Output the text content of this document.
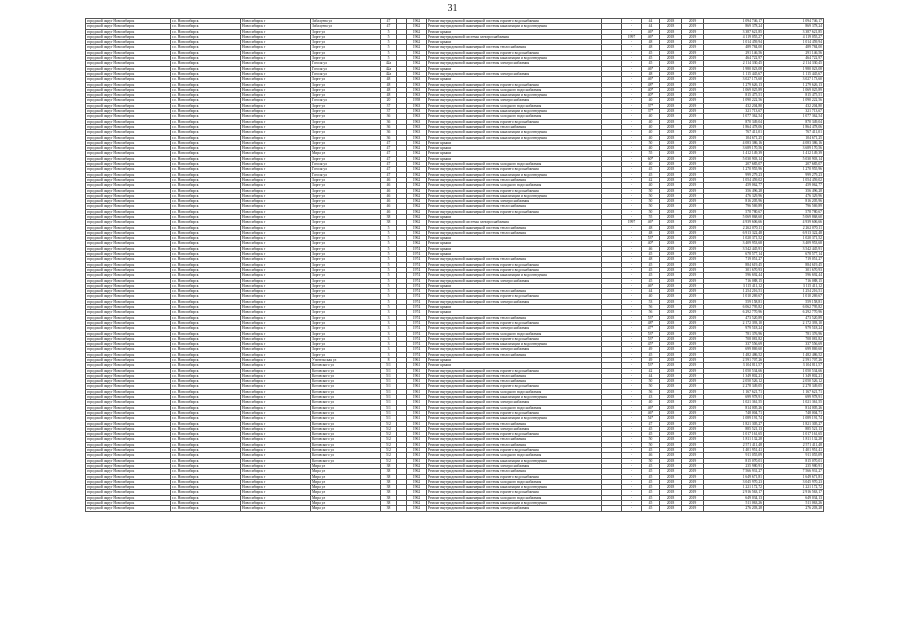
31
городской округ Новосибирск	г.о. Новосибирск	Новосибирск г	Забалуева ул	47		1962	Ремонт внутридомовой инженерной системы горячего водоснабжения		-	44	2018	2019	1 094 746,17	1 094 746,17
городской округ Новосибирск	г.о. Новосибирск	Новосибирск г	Забалуева ул	47		1962	Ремонт внутридомовой инженерной системы канализации и водоотведения		-	44	2018	2019	869 378,24	869 378,24
городской округ Новосибирск	г.о. Новосибирск	Новосибирск г	Зорге ул	5		1962	Ремонт крыши		-	46*	2018	2019	3 387 621,85	3 387 621,85
городской округ Новосибирск	г.о. Новосибирск	Новосибирск г	Зорге ул	5		1962	Ремонт внутридомовой системы электроснабжения		1997	46*	2018	2019	4 119 055,27	4 119 055,27
городской округ Новосибирск	г.о. Новосибирск	Новосибирск г	Зорге ул	5		1962	Ремонт крыши		-	48	2018	2019	1 014 459,94	1 014 459,94
городской округ Новосибирск	г.о. Новосибирск	Новосибирск г	Зорге ул	5		1962	Ремонт внутридомовой инженерной системы теплоснабжения		-	48	2018	2019	489 784,00	489 784,00
городской округ Новосибирск	г.о. Новосибирск	Новосибирск г	Зорге ул	5		1962	Ремонт внутридомовой инженерной системы горячего водоснабжения		-	45	2018	2019	291 146,56	291 146,56
городской округ Новосибирск	г.о. Новосибирск	Новосибирск г	Зорге ул	5		1962	Ремонт внутридомовой инженерной системы канализации и водоотведения		-	45	2018	2019	464 722,97	464 722,97
городской округ Новосибирск	г.о. Новосибирск	Новосибирск г	Гоголя ул	42а		1962	Ремонт внутридомовой инженерной системы электроснабжения		-	45	2018	2019	2 114 330,45	2 114 330,45
городской округ Новосибирск	г.о. Новосибирск	Новосибирск г	Гоголя ул	42а		1962	Ремонт крыши		-	46*	2018	2019	1 980 023,08	1 980 023,08
городской округ Новосибирск	г.о. Новосибирск	Новосибирск г	Гоголя ул	42а		1962	Ремонт внутридомовой инженерной системы электроснабжения		-	48	2018	2019	1 115 445,67	1 115 445,67
городской округ Новосибирск	г.о. Новосибирск	Новосибирск г	Зорге ул	48		1963	Ремонт крыши		-	46*	2018	2019	3 027 173,60	3 027 173,60
городской округ Новосибирск	г.о. Новосибирск	Новосибирск г	Зорге ул	48		1963	Ремонт внутридомовой инженерной системы горячего водоснабжения		-	48*	2018	2019	1 279 626,13	1 279 626,13
городской округ Новосибирск	г.о. Новосибирск	Новосибирск г	Зорге ул	48		1963	Ремонт внутридомовой инженерной системы холодного водоснабжения		-	40*	2018	2019	1 069 025,89	1 069 025,89
городской округ Новосибирск	г.о. Новосибирск	Новосибирск г	Зорге ул	48		1963	Ремонт внутридомовой инженерной системы канализации и водоотведения		-	40*	2018	2019	815 475,51	815 475,51
городской округ Новосибирск	г.о. Новосибирск	Новосибирск г	Гоголя ул	20		1958	Ремонт внутридомовой инженерной системы электроснабжения		-	40	2018	2019	1 090 222,56	1 090 222,56
городской округ Новосибирск	г.о. Новосибирск	Новосибирск г	Зорге ул	37		1963	Ремонт внутридомовой инженерной системы холодного водоснабжения		-	37*	2018	2019	432 204,80	432 204,80
городской округ Новосибирск	г.о. Новосибирск	Новосибирск г	Зорге ул	37		1963	Ремонт внутридомовой инженерной системы канализации и водоотведения		-	37*	2018	2019	321 713,67	321 713,67
городской округ Новосибирск	г.о. Новосибирск	Новосибирск г	Зорге ул	36		1963	Ремонт внутридомовой инженерной системы холодного водоснабжения		-	40	2018	2019	1 077 362,54	1 077 362,54
городской округ Новосибирск	г.о. Новосибирск	Новосибирск г	Зорге ул	36		1963	Ремонт внутридомовой инженерной системы горячего водоснабжения		-	40	2018	2019	870 349,04	870 349,04
городской округ Новосибирск	г.о. Новосибирск	Новосибирск г	Зорге ул	36		1963	Ремонт внутридомовой инженерной системы теплоснабжения		-	40	2018	2019	1 864 478,06	1 864 478,06
городской округ Новосибирск	г.о. Новосибирск	Новосибирск г	Зорге ул	36		1963	Ремонт внутридомовой инженерной системы канализации и водоотведения		-	40	2018	2019	767 411,01	767 411,01
городской округ Новосибирск	г.о. Новосибирск	Новосибирск г	Зорге ул	36		1963	Ремонт внутридомовой инженерной системы канализации и водоотведения		-	40	2018	2019	104 671,25	104 671,25
городской округ Новосибирск	г.о. Новосибирск	Новосибирск г	Зорге ул	47		1962	Ремонт крыши		-	50	2018	2019	4 083 386,16	4 083 386,16
городской округ Новосибирск	г.о. Новосибирск	Новосибирск г	Зорге ул	47		1962	Ремонт крыши		-	40	2018	2019	3 689 170,56	3 689 170,56
городской округ Новосибирск	г.о. Новосибирск	Новосибирск г	Мира ул	47		1962	Ремонт крыши		-	55	2018	2019	1 412 149,39	1 412 149,39
городской округ Новосибирск	г.о. Новосибирск	Новосибирск г	Зорге ул	47		1962	Ремонт крыши		-	60*	2018	2019	5 030 903,14	5 030 903,14
городской округ Новосибирск	г.о. Новосибирск	Новосибирск г	Гоголя ул	47		1962	Ремонт внутридомовой инженерной системы холодного водоснабжения		-	40	2018	2019	207 685,07	207 685,07
городской округ Новосибирск	г.о. Новосибирск	Новосибирск г	Гоголя ул	47		1962	Ремонт внутридомовой инженерной системы горячего водоснабжения		-	45	2018	2019	1 270 955,96	1 270 955,96
городской округ Новосибирск	г.о. Новосибирск	Новосибирск г	Гоголя ул	47		1962	Ремонт внутридомовой инженерной системы канализации и водоотведения		-	45	2018	2019	999 279,23	999 279,23
городской округ Новосибирск	г.о. Новосибирск	Новосибирск г	Зорге ул	46		1962	Ремонт внутридомовой инженерной системы теплоснабжения		-	42	2018	2019	1 054 459,02	1 054 459,02
городской округ Новосибирск	г.о. Новосибирск	Новосибирск г	Зорге ул	46		1962	Ремонт внутридомовой инженерной системы холодного водоснабжения		-	40	2018	2019	459 062,77	459 062,77
городской округ Новосибирск	г.о. Новосибирск	Новосибирск г	Зорге ул	46		1962	Ремонт внутридомовой инженерной системы горячего водоснабжения		-	50	2018	2019	356 496,28	356 496,28
городской округ Новосибирск	г.о. Новосибирск	Новосибирск г	Зорге ул	46		1962	Ремонт внутридомовой инженерной системы канализации и водоотведения		-	50	2018	2019	476 329,96	476 329,96
городской округ Новосибирск	г.о. Новосибирск	Новосибирск г	Зорге ул	46		1962	Ремонт внутридомовой инженерной системы электроснабжения		-	50	2018	2019	816 205,96	816 205,96
городской округ Новосибирск	г.о. Новосибирск	Новосибирск г	Зорге ул	46		1962	Ремонт внутридомовой инженерной системы теплоснабжения		-	50	2018	2019	796 569,89	796 569,89
городской округ Новосибирск	г.о. Новосибирск	Новосибирск г	Зорге ул	46		1962	Ремонт внутридомовой инженерной системы горячего водоснабжения		-	50	2018	2019	578 780,67	578 780,67
городской округ Новосибирск	г.о. Новосибирск	Новосибирск г	Зорге ул	38		1962	Ремонт крыши		-	55	2018	2019	5 069 868,60	5 069 868,60
городской округ Новосибирск	г.о. Новосибирск	Новосибирск г	Зорге ул	38		1962	Ремонт внутридомовой системы электроснабжения		1997	46*	2018	2019	4 939 606,66	4 939 606,66
городской округ Новосибирск	г.о. Новосибирск	Новосибирск г	Зорге ул	5		1962	Ремонт внутридомовой инженерной системы теплоснабжения		-	48	2018	2019	2 262 070,11	2 262 070,11
городской округ Новосибирск	г.о. Новосибирск	Новосибирск г	Зорге ул	5		1962	Ремонт внутридомовой инженерной системы теплоснабжения		-	48	2018	2019	6 913 322,48	6 913 322,48
городской округ Новосибирск	г.о. Новосибирск	Новосибирск г	Зорге ул	5		1962	Ремонт крыши		-	53*	2018	2019	1 020 371,52	1 020 371,52
городской округ Новосибирск	г.о. Новосибирск	Новосибирск г	Зорге ул	5		1962	Ремонт крыши		-	40*	2018	2019	3 409 953,68	3 409 953,68
городской округ Новосибирск	г.о. Новосибирск	Новосибирск г	Зорге ул	5		1974	Ремонт крыши		-	46	2018	2019	3 542 445,91	3 542 445,91
городской округ Новосибирск	г.о. Новосибирск	Новосибирск г	Зорге ул	5		1974	Ремонт крыши		-	45	2018	2019	678 577,14	678 577,14
городской округ Новосибирск	г.о. Новосибирск	Новосибирск г	Зорге ул	5		1974	Ремонт внутридомовой инженерной системы теплоснабжения		-	48	2018	2019	719 051,27	719 051,27
городской округ Новосибирск	г.о. Новосибирск	Новосибирск г	Зорге ул	5		1974	Ремонт внутридомовой инженерной системы горячего водоснабжения		-	45	2018	2019	884 619,45	884 619,45
городской округ Новосибирск	г.о. Новосибирск	Новосибирск г	Зорге ул	5		1974	Ремонт внутридомовой инженерной системы горячего водоснабжения		-	45	2018	2019	301 670,93	301 670,93
городской округ Новосибирск	г.о. Новосибирск	Новосибирск г	Зорге ул	5		1974	Ремонт внутридомовой инженерной системы канализации и водоотведения		-	45	2018	2019	596 692,44	596 692,44
городской округ Новосибирск	г.о. Новосибирск	Новосибирск г	Зорге ул	5		1974	Ремонт внутридомовой инженерной системы электроснабжения		-	45	2018	2019	716 088,15	716 088,15
городской округ Новосибирск	г.о. Новосибирск	Новосибирск г	Зорге ул	5		1974	Ремонт крыши		-	46*	2018	2019	3 115 411,12	3 115 411,12
городской округ Новосибирск	г.о. Новосибирск	Новосибирск г	Зорге ул	5		1974	Ремонт внутридомовой инженерной системы теплоснабжения		-	44	2018	2019	1 254 216,51	1 254 216,51
городской округ Новосибирск	г.о. Новосибирск	Новосибирск г	Зорге ул	5		1974	Ремонт внутридомовой инженерной системы горячего водоснабжения		-	40	2018	2019	1 010 269,67	1 010 269,67
городской округ Новосибирск	г.о. Новосибирск	Новосибирск г	Зорге ул	5		1974	Ремонт внутридомовой инженерной системы электроснабжения		-	53	2018	2019	559 158,81	559 158,81
городской округ Новосибирск	г.о. Новосибирск	Новосибирск г	Зорге ул	5		1974	Ремонт крыши		-	56	2018	2019	6 062 795,82	6 062 795,82
городской округ Новосибирск	г.о. Новосибирск	Новосибирск г	Зорге ул	3		1974	Ремонт крыши		-	56	2018	2019	6 292 770,96	6 292 770,96
городской округ Новосибирск	г.о. Новосибирск	Новосибирск г	Зорге ул	3		1974	Ремонт внутридомовой инженерной системы теплоснабжения		-	53*	2018	2019	473 520,89	473 520,89
городской округ Новосибирск	г.о. Новосибирск	Новосибирск г	Зорге ул	3		1974	Ремонт внутридомовой инженерной системы горячего водоснабжения		-	48*	2018	2019	2 172 393,10	2 172 393,10
городской округ Новосибирск	г.о. Новосибирск	Новосибирск г	Зорге ул	3		1974	Ремонт внутридомовой инженерной системы электроснабжения		-	47*	2018	2019	979 518,24	979 518,24
городской округ Новосибирск	г.о. Новосибирск	Новосибирск г	Зорге ул	3		1974	Ремонт внутридомовой инженерной системы холодного водоснабжения		-	53*	2018	2019	781 376,96	781 376,96
городской округ Новосибирск	г.о. Новосибирск	Новосибирск г	Зорге ул	3		1974	Ремонт внутридомовой инженерной системы горячего водоснабжения		-	53*	2018	2019	708 081,82	708 081,82
городской округ Новосибирск	г.о. Новосибирск	Новосибирск г	Зорге ул	3		1974	Ремонт внутридомовой инженерной системы канализации и водоотведения		-	45*	2018	2019	337 556,69	337 556,69
городской округ Новосибирск	г.о. Новосибирск	Новосибирск г	Зорге ул	3		1974	Ремонт внутридомовой инженерной системы электроснабжения		-	49	2018	2019	699 869,60	699 869,60
городской округ Новосибирск	г.о. Новосибирск	Новосибирск г	Зорге ул	3		1974	Ремонт внутридомовой инженерной системы теплоснабжения		-	45	2018	2019	1 482 486,52	1 482 486,52
городской округ Новосибирск	г.о. Новосибирск	Новосибирск г	Учительская ул	8		1961	Ремонт крыши		-	49	2018	2019	2 591 707,26	2 591 707,26
городской округ Новосибирск	г.о. Новосибирск	Новосибирск г	Котовского ул	5/1		1961	Ремонт крыши		-	53*	2018	2019	3 104 811,57	3 104 811,57
городской округ Новосибирск	г.о. Новосибирск	Новосибирск г	Котовского ул	5/1		1961	Ремонт внутридомовой инженерной системы горячего водоснабжения		-	42	2018	2019	1 050 534,66	1 050 534,66
городской округ Новосибирск	г.о. Новосибирск	Новосибирск г	Котовского ул	5/1		1961	Ремонт внутридомовой инженерной системы теплоснабжения		-	44	2018	2019	1 349 802,21	1 349 802,21
городской округ Новосибирск	г.о. Новосибирск	Новосибирск г	Котовского ул	5/1		1961	Ремонт внутридомовой инженерной системы теплоснабжения		-	50	2018	2019	2 050 526,12	2 050 526,12
городской округ Новосибирск	г.о. Новосибирск	Новосибирск г	Котовского ул	5/1		1961	Ремонт внутридомовой инженерной системы горячего водоснабжения		-	50	2018	2019	2 278 349,05	2 278 349,05
городской округ Новосибирск	г.о. Новосибирск	Новосибирск г	Котовского ул	5/1		1961	Ремонт внутридомовой инженерной системы холодного водоснабжения		-	56	2018	2019	1 167 621,71	1 167 621,71
городской округ Новосибирск	г.о. Новосибирск	Новосибирск г	Котовского ул	5/1		1961	Ремонт внутридомовой инженерной системы канализации и водоотведения		-	43	2018	2019	699 978,91	699 978,91
городской округ Новосибирск	г.о. Новосибирск	Новосибирск г	Котовского ул	5/1		1961	Ремонт внутридомовой инженерной системы электроснабжения		-	40	2018	2019	1 021 361,55	1 021 361,55
городской округ Новосибирск	г.о. Новосибирск	Новосибирск г	Котовского ул	5/1		1961	Ремонт внутридомовой инженерной системы холодного водоснабжения		-	46*	2018	2019	814 005,26	814 005,26
городской округ Новосибирск	г.о. Новосибирск	Новосибирск г	Котовского ул	5/1		1961	Ремонт внутридомовой инженерной системы горячего водоснабжения		-	46*	2018	2019	748 004,71	748 004,71
городской округ Новосибирск	г.о. Новосибирск	Новосибирск г	Котовского ул	5/1		1961	Ремонт внутридомовой инженерной системы канализации и водоотведения		-	54*	2018	2019	1 089 191,74	1 089 191,74
городской округ Новосибирск	г.о. Новосибирск	Новосибирск г	Котовского ул	5/2		1961	Ремонт внутридомовой инженерной системы теплоснабжения		-	47	2018	2019	1 821 305,27	1 821 305,27
городской округ Новосибирск	г.о. Новосибирск	Новосибирск г	Котовского ул	5/2		1961	Ремонт внутридомовой инженерной системы электроснабжения		-	45	2018	2019	885 521,13	885 521,13
городской округ Новосибирск	г.о. Новосибирск	Новосибирск г	Котовского ул	5/2		1961	Ремонт внутридомовой инженерной системы горячего водоснабжения		-	45	2018	2019	1 017 161,65	1 017 161,65
городской округ Новосибирск	г.о. Новосибирск	Новосибирск г	Котовского ул	5/2		1961	Ремонт внутридомовой инженерной системы теплоснабжения		-	50	2018	2019	1 811 132,28	1 811 132,28
городской округ Новосибирск	г.о. Новосибирск	Новосибирск г	Котовского ул	5/2		1961	Ремонт внутридомовой инженерной системы теплоснабжения		-	50	2018	2019	2 571 411,48	2 571 411,48
городской округ Новосибирск	г.о. Новосибирск	Новосибирск г	Котовского ул	5/2		1961	Ремонт внутридомовой инженерной системы горячего водоснабжения		-	45	2018	2019	1 401 951,41	1 401 951,41
городской округ Новосибирск	г.о. Новосибирск	Новосибирск г	Котовского ул	5/2		1961	Ремонт внутридомовой инженерной системы холодного водоснабжения		-	46	2018	2019	911 055,09	911 055,09
городской округ Новосибирск	г.о. Новосибирск	Новосибирск г	Котовского ул	5/2		1961	Ремонт внутридомовой инженерной системы канализации и водоотведения		-	50	2018	2019	815 070,01	815 070,01
городской округ Новосибирск	г.о. Новосибирск	Новосибирск г	Мира ул	38		1962	Ремонт внутридомовой инженерной системы электроснабжения		-	45	2018	2019	235 980,91	235 980,91
городской округ Новосибирск	г.о. Новосибирск	Новосибирск г	Мира ул	38		1962	Ремонт внутридомовой инженерной системы теплоснабжения		-	45	2018	2019	7 566 931,27	7 566 931,27
городской округ Новосибирск	г.о. Новосибирск	Новосибирск г	Мира ул	38		1962	Ремонт внутридомовой инженерной системы горячего водоснабжения		-	45	2018	2019	1 649 671,81	1 649 671,81
городской округ Новосибирск	г.о. Новосибирск	Новосибирск г	Мира ул	38		1962	Ремонт внутридомовой инженерной системы холодного водоснабжения		-	45	2018	2019	3 045 970,23	3 045 970,23
городской округ Новосибирск	г.о. Новосибирск	Новосибирск г	Мира ул	38		1962	Ремонт внутридомовой инженерной системы канализации и водоотведения		-	45	2018	2019	1 221 172,72	1 221 172,72
городской округ Новосибирск	г.о. Новосибирск	Новосибирск г	Мира ул	38		1962	Ремонт внутридомовой инженерной системы горячего водоснабжения		-	45	2018	2019	2 916 563,17	2 916 563,17
городской округ Новосибирск	г.о. Новосибирск	Новосибирск г	Мира ул	38		1962	Ремонт внутридомовой инженерной системы холодного водоснабжения		-	45	2018	2019	649 034,13	649 034,13
городской округ Новосибирск	г.о. Новосибирск	Новосибирск г	Мира ул	38		1962	Ремонт внутридомовой инженерной системы канализации и водоотведения		-	45	2018	2019	511 063,26	511 063,26
городской округ Новосибирск	г.о. Новосибирск	Новосибирск г	Мира ул	38		1962	Ремонт внутридомовой инженерной системы электроснабжения		-	45	2018	2019	276 203,28	276 203,28
